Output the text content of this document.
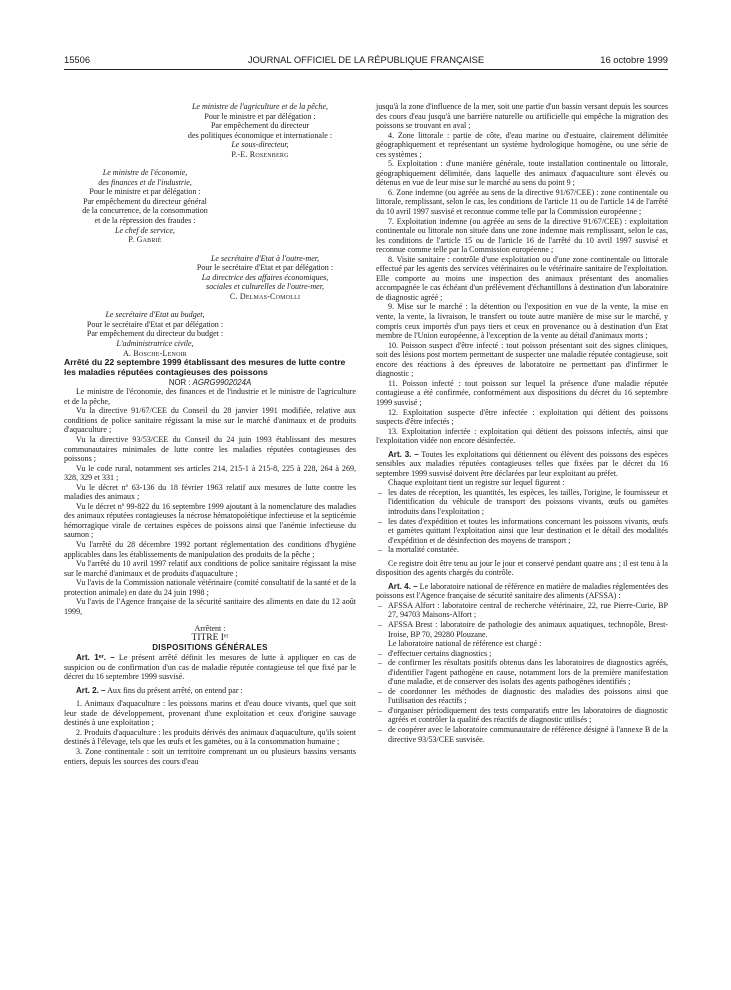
15506	JOURNAL OFFICIEL DE LA RÉPUBLIQUE FRANÇAISE	16 octobre 1999

Le ministre de l'agriculture et de la pêche,

Pour le ministre et par délégation :

Par empêchement du directeur

des politiques économique et internationale :

Le sous-directeur,

P.-E. Rosenberg

Le ministre de l'économie,

des finances et de l'industrie,

Pour le ministre et par délégation :

Par empêchement du directeur général

de la concurrence, de la consommation

et de la répression des fraudes :

Le chef de service,

P. Gabrié

Le secrétaire d'Etat à l'outre-mer,

Pour le secrétaire d'Etat et par délégation :

La directrice des affaires économiques,

sociales et culturelles de l'outre-mer,

C. Delmas-Comolli

Le secrétaire d'Etat au budget,

Pour le secrétaire d'Etat et par délégation :

Par empêchement du directeur du budget :

L'administratrice civile,

A. Bosche-Lenoir

Arrêté du 22 septembre 1999 établissant des mesures de lutte contre les maladies réputées contagieuses des poissons

NOR : AGRG9902024A

Le ministre de l'économie, des finances et de l'industrie et le ministre de l'agriculture et de la pêche,

Vu la directive 91/67/CEE du Conseil du 28 janvier 1991 modifiée, relative aux conditions de police sanitaire régissant la mise sur le marché d'animaux et de produits d'aquaculture ;

Vu la directive 93/53/CEE du Conseil du 24 juin 1993 établissant des mesures communautaires minimales de lutte contre les maladies réputées contagieuses des poissons ;

Vu le code rural, notamment ses articles 214, 215-1 à 215-8, 225 à 228, 264 à 269, 328, 329 et 331 ;

Vu le décret nº 63-136 du 18 février 1963 relatif aux mesures de lutte contre les maladies des animaux ;

Vu le décret nº 99-822 du 16 septembre 1999 ajoutant à la nomenclature des maladies des animaux réputées contagieuses la nécrose hématopoïétique infectieuse et la septicémie hémorragique virale de certaines espèces de poissons ainsi que l'anémie infectieuse du saumon ;

Vu l'arrêté du 28 décembre 1992 portant réglementation des conditions d'hygiène applicables dans les établissements de manipulation des produits de la pêche ;

Vu l'arrêté du 10 avril 1997 relatif aux conditions de police sanitaire régissant la mise sur le marché d'animaux et de produits d'aquaculture ;

Vu l'avis de la Commission nationale vétérinaire (comité consultatif de la santé et de la protection animale) en date du 24 juin 1998 ;

Vu l'avis de l'Agence française de la sécurité sanitaire des aliments en date du 12 août 1999,

Arrêtent :

TITRE Iᵉʳ

DISPOSITIONS GÉNÉRALES

Art. 1ᵉʳ. – Le présent arrêté définit les mesures de lutte à appliquer en cas de suspicion ou de confirmation d'un cas de maladie réputée contagieuse tel que fixé par le décret du 16 septembre 1999 susvisé.

Art. 2. – Aux fins du présent arrêté, on entend par :

1. Animaux d'aquaculture : les poissons marins et d'eau douce vivants, quel que soit leur stade de développement, provenant d'une exploitation et ceux d'origine sauvage destinés à une exploitation ;

2. Produits d'aquaculture : les produits dérivés des animaux d'aquaculture, qu'ils soient destinés à l'élevage, tels que les œufs et les gamètes, ou à la consommation humaine ;

3. Zone continentale : soit un territoire comprenant un ou plusieurs bassins versants entiers, depuis les sources des cours d'eau

jusqu'à la zone d'influence de la mer, soit une partie d'un bassin versant depuis les sources des cours d'eau jusqu'à une barrière naturelle ou artificielle qui empêche la migration des poissons se trouvant en aval ;

4. Zone littorale : partie de côte, d'eau marine ou d'estuaire, clairement délimitée géographiquement et représentant un système hydrologique homogène, ou une série de ces systèmes ;

5. Exploitation : d'une manière générale, toute installation continentale ou littorale, géographiquement délimitée, dans laquelle des animaux d'aquaculture sont élevés ou détenus en vue de leur mise sur le marché au sens du point 9 ;

6. Zone indemne (ou agréée au sens de la directive 91/67/CEE) : zone continentale ou littorale, remplissant, selon le cas, les conditions de l'article 11 ou de l'article 14 de l'arrêté du 10 avril 1997 susvisé et reconnue comme telle par la Commission européenne ;

7. Exploitation indemne (ou agréée au sens de la directive 91/67/CEE) : exploitation continentale ou littorale non située dans une zone indemne mais remplissant, selon le cas, les conditions de l'article 15 ou de l'article 16 de l'arrêté du 10 avril 1997 susvisé et reconnue comme telle par la Commission européenne ;

8. Visite sanitaire : contrôle d'une exploitation ou d'une zone continentale ou littorale effectué par les agents des services vétérinaires ou le vétérinaire sanitaire de l'exploitation. Elle comporte au moins une inspection des animaux présentant des anomalies accompagnée le cas échéant d'un prélèvement d'échantillons à destination d'un laboratoire de diagnostic agréé ;

9. Mise sur le marché : la détention ou l'exposition en vue de la vente, la mise en vente, la vente, la livraison, le transfert ou toute autre manière de mise sur le marché, y compris ceux importés d'un pays tiers et ceux en provenance ou à destination d'un Etat membre de l'Union européenne, à l'exception de la vente au détail d'animaux morts ;

10. Poisson suspect d'être infecté : tout poisson présentant soit des signes cliniques, soit des lésions post mortem permettant de suspecter une maladie réputée contagieuse, soit encore des réactions à des épreuves de laboratoire ne permettant pas d'infirmer le diagnostic ;

11. Poisson infecté : tout poisson sur lequel la présence d'une maladie réputée contagieuse a été confirmée, conformément aux dispositions du décret du 16 septembre 1999 susvisé ;

12. Exploitation suspecte d'être infectée : exploitation qui détient des poissons suspects d'être infectés ;

13. Exploitation infectée : exploitation qui détient des poissons infectés, ainsi que l'exploitation vidée non encore désinfectée.

Art. 3. – Toutes les exploitations qui détiennent ou élèvent des poissons des espèces sensibles aux maladies réputées contagieuses telles que fixées par le décret du 16 septembre 1999 susvisé doivent être déclarées par leur exploitant au préfet.

Chaque exploitant tient un registre sur lequel figurent :

– les dates de réception, les quantités, les espèces, les tailles, l'origine, le fournisseur et l'identification du véhicule de transport des poissons vivants, œufs ou gamètes introduits dans l'exploitation ;
– les dates d'expédition et toutes les informations concernant les poissons vivants, œufs et gamètes quittant l'exploitation ainsi que leur destination et le détail des modalités d'expédition et de désinfection des moyens de transport ;
– la mortalité constatée.

Ce registre doit être tenu au jour le jour et conservé pendant quatre ans ; il est tenu à la disposition des agents chargés du contrôle.

Art. 4. – Le laboratoire national de référence en matière de maladies réglementées des poissons est l'Agence française de sécurité sanitaire des aliments (AFSSA) :

– AFSSA Alfort : laboratoire central de recherche vétérinaire, 22, rue Pierre-Curie, BP 27, 94703 Maisons-Alfort ;
– AFSSA Brest : laboratoire de pathologie des animaux aquatiques, technopôle, Brest-Iroise, BP 70, 29280 Plouzane.

Le laboratoire national de référence est chargé :

– d'effectuer certains diagnostics ;
– de confirmer les résultats positifs obtenus dans les laboratoires de diagnostics agréés, d'identifier l'agent pathogène en cause, notamment lors de la première manifestation d'une maladie, et de conserver des isolats des agents pathogènes identifiés ;
– de coordonner les méthodes de diagnostic des maladies des poissons ainsi que l'utilisation des réactifs ;
– d'organiser périodiquement des tests comparatifs entre les laboratoires de diagnostic agréés et contrôler la qualité des réactifs de diagnostic utilisés ;
– de coopérer avec le laboratoire communautaire de référence désigné à l'annexe B de la directive 93/53/CEE susvisée.
